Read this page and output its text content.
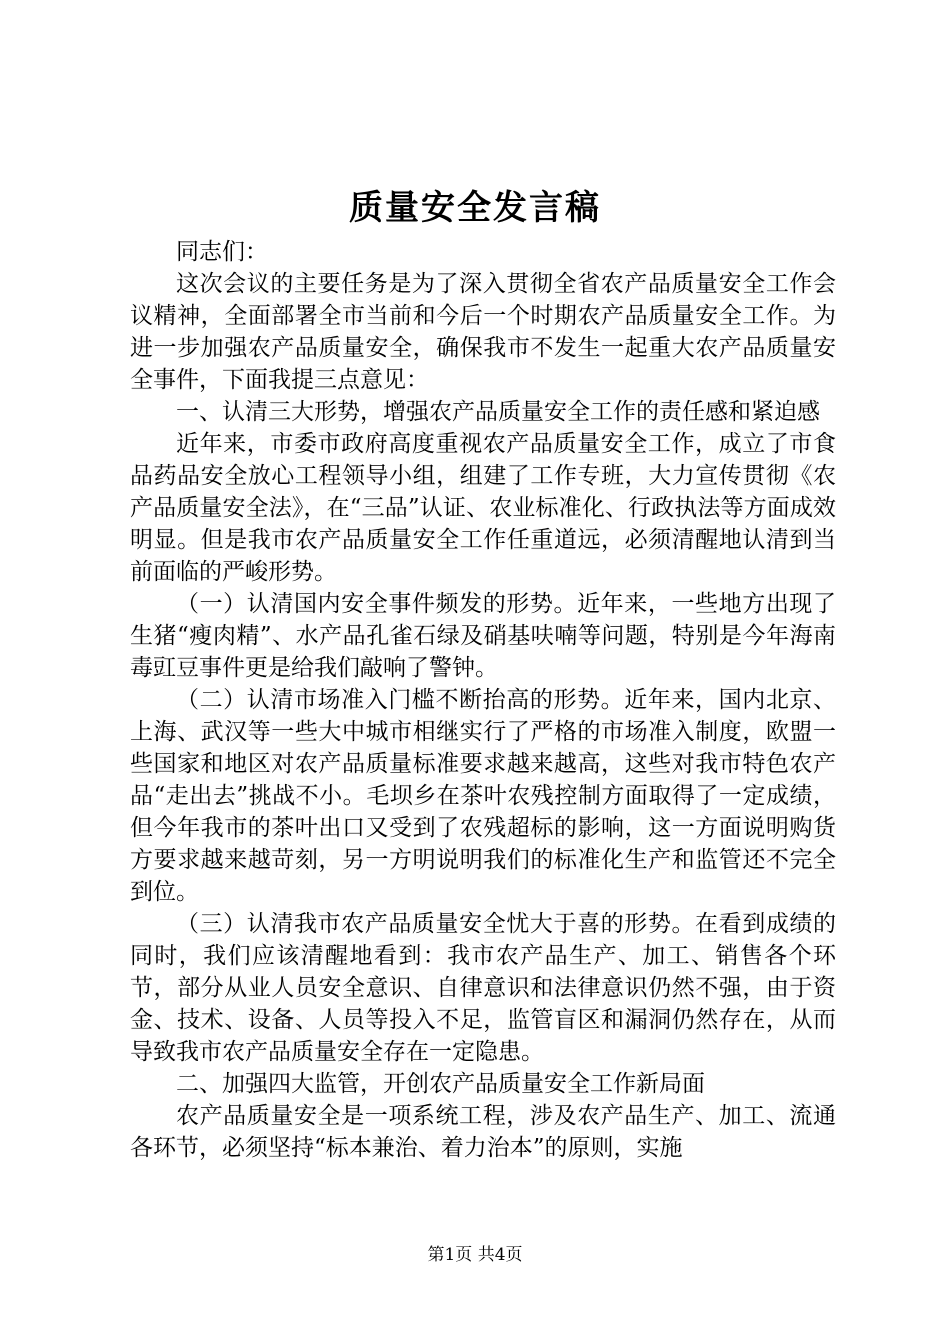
质量安全发言稿

同志们：

这次会议的主要任务是为了深入贯彻全省农产品质量安全工作会议精神，全面部署全市当前和今后一个时期农产品质量安全工作。为进一步加强农产品质量安全，确保我市不发生一起重大农产品质量安全事件，下面我提三点意见：

一、认清三大形势，增强农产品质量安全工作的责任感和紧迫感

近年来，市委市政府高度重视农产品质量安全工作，成立了市食品药品安全放心工程领导小组，组建了工作专班，大力宣传贯彻《农产品质量安全法》，在“三品”认证、农业标准化、行政执法等方面成效明显。但是我市农产品质量安全工作任重道远，必须清醒地认清到当前面临的严峻形势。

（一）认清国内安全事件频发的形势。近年来，一些地方出现了生猪“瘦肉精”、水产品孔雀石绿及硝基呋喃等问题，特别是今年海南毒豇豆事件更是给我们敲响了警钟。

（二）认清市场准入门槛不断抬高的形势。近年来，国内北京、上海、武汉等一些大中城市相继实行了严格的市场准入制度，欧盟一些国家和地区对农产品质量标准要求越来越高，这些对我市特色农产品“走出去”挑战不小。毛坝乡在茶叶农残控制方面取得了一定成绩，但今年我市的茶叶出口又受到了农残超标的影响，这一方面说明购货方要求越来越苛刻，另一方明说明我们的标准化生产和监管还不完全到位。

（三）认清我市农产品质量安全忧大于喜的形势。在看到成绩的同时，我们应该清醒地看到：我市农产品生产、加工、销售各个环节，部分从业人员安全意识、自律意识和法律意识仍然不强，由于资金、技术、设备、人员等投入不足，监管盲区和漏洞仍然存在，从而导致我市农产品质量安全存在一定隐患。

二、加强四大监管，开创农产品质量安全工作新局面

农产品质量安全是一项系统工程，涉及农产品生产、加工、流通各环节，必须坚持“标本兼治、着力治本”的原则，实施

第1页 共4页
